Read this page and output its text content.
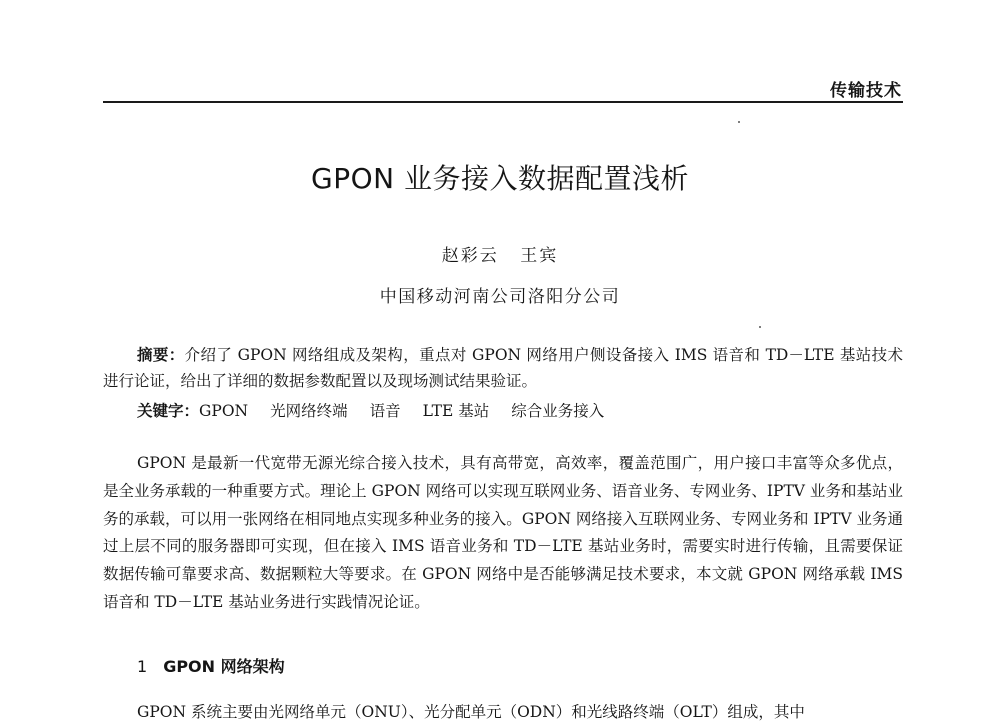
传输技术
GPON 业务接入数据配置浅析
赵彩云 王宾
中国移动河南公司洛阳分公司
摘要：介绍了 GPON 网络组成及架构，重点对 GPON 网络用户侧设备接入 IMS 语音和 TD－LTE 基站技术进行论证，给出了详细的数据参数配置以及现场测试结果验证。
关键字：GPON 光网络终端 语音 LTE 基站 综合业务接入
GPON 是最新一代宽带无源光综合接入技术，具有高带宽，高效率，覆盖范围广，用户接口丰富等众多优点，是全业务承载的一种重要方式。理论上 GPON 网络可以实现互联网业务、语音业务、专网业务、IPTV 业务和基站业务的承载，可以用一张网络在相同地点实现多种业务的接入。GPON 网络接入互联网业务、专网业务和 IPTV 业务通过上层不同的服务器即可实现，但在接入 IMS 语音业务和 TD－LTE 基站业务时，需要实时进行传输，且需要保证数据传输可靠要求高、数据颗粒大等要求。在 GPON 网络中是否能够满足技术要求，本文就 GPON 网络承载 IMS 语音和 TD－LTE 基站业务进行实践情况论证。
1 GPON 网络架构
GPON 系统主要由光网络单元（ONU）、光分配单元（ODN）和光线路终端（OLT）组成，其中
